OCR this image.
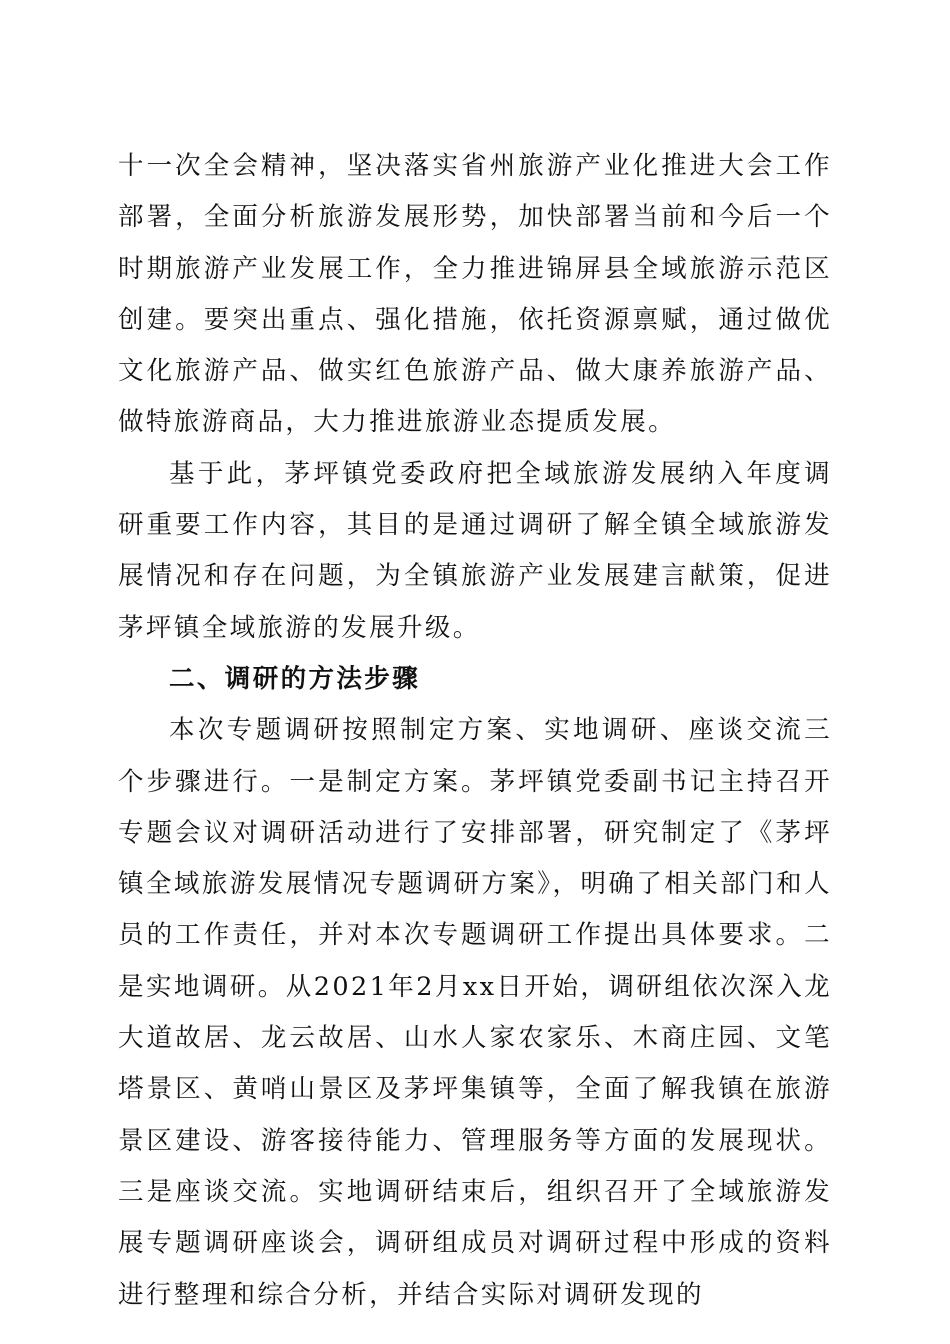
十一次全会精神，坚决落实省州旅游产业化推进大会工作部署，全面分析旅游发展形势，加快部署当前和今后一个时期旅游产业发展工作，全力推进锦屏县全域旅游示范区创建。要突出重点、强化措施，依托资源禀赋，通过做优文化旅游产品、做实红色旅游产品、做大康养旅游产品、做特旅游商品，大力推进旅游业态提质发展。

基于此，茅坪镇党委政府把全域旅游发展纳入年度调研重要工作内容，其目的是通过调研了解全镇全域旅游发展情况和存在问题，为全镇旅游产业发展建言献策，促进茅坪镇全域旅游的发展升级。

二、调研的方法步骤

本次专题调研按照制定方案、实地调研、座谈交流三个步骤进行。一是制定方案。茅坪镇党委副书记主持召开专题会议对调研活动进行了安排部署，研究制定了《茅坪镇全域旅游发展情况专题调研方案》，明确了相关部门和人员的工作责任，并对本次专题调研工作提出具体要求。二是实地调研。从2021年2月xx日开始，调研组依次深入龙大道故居、龙云故居、山水人家农家乐、木商庄园、文笔塔景区、黄哨山景区及茅坪集镇等，全面了解我镇在旅游景区建设、游客接待能力、管理服务等方面的发展现状。三是座谈交流。实地调研结束后，组织召开了全域旅游发展专题调研座谈会，调研组成员对调研过程中形成的资料进行整理和综合分析，并结合实际对调研发现的
